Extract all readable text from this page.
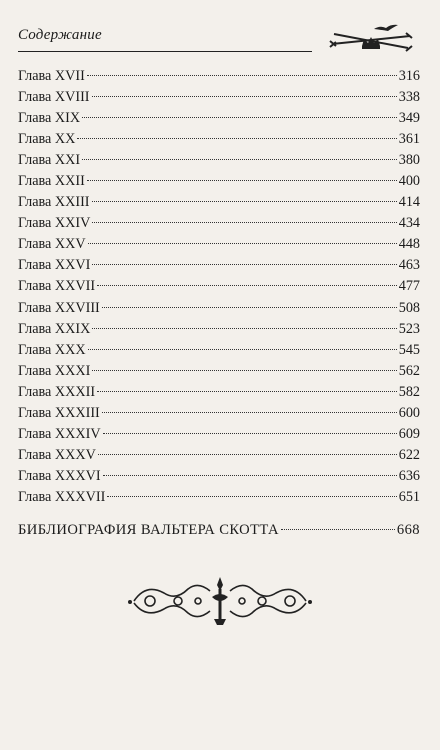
Содержание
Глава XVII	316
Глава XVIII	338
Глава XIX	349
Глава XX	361
Глава XXI	380
Глава XXII	400
Глава XXIII	414
Глава XXIV	434
Глава XXV	448
Глава XXVI	463
Глава XXVII	477
Глава XXVIII	508
Глава XXIX	523
Глава XXX	545
Глава XXXI	562
Глава XXXII	582
Глава XXXIII	600
Глава XXXIV	609
Глава XXXV	622
Глава XXXVI	636
Глава XXXVII	651
БИБЛИОГРАФИЯ ВАЛЬТЕРА СКОТТА	668
